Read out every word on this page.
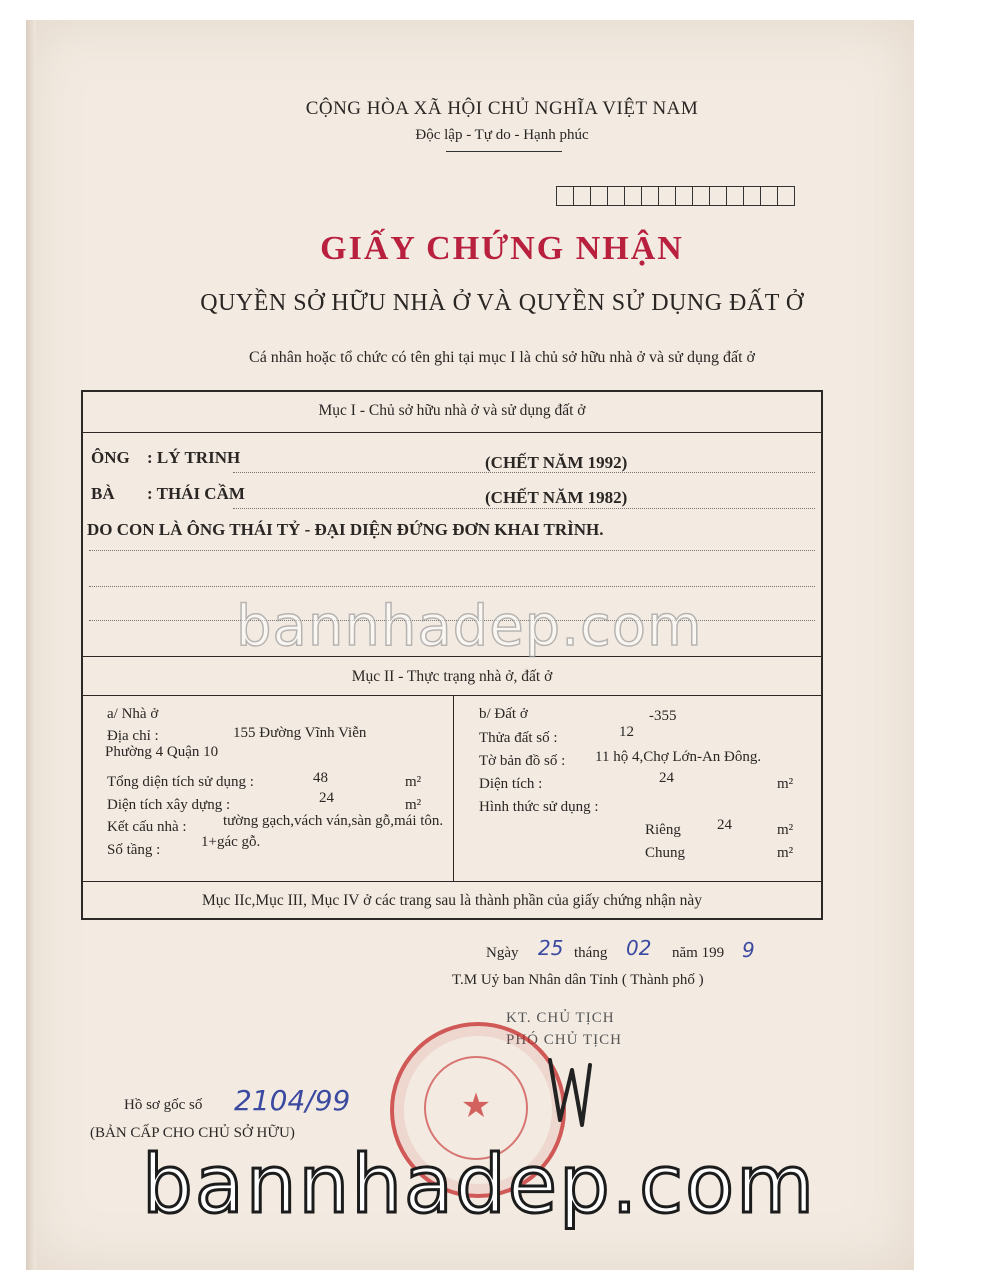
CỘNG HÒA XÃ HỘI CHỦ NGHĨA VIỆT NAM
Độc lập - Tự do - Hạnh phúc
GIẤY CHỨNG NHẬN
QUYỀN SỞ HỮU NHÀ Ở VÀ QUYỀN SỬ DỤNG ĐẤT Ở
Cá nhân hoặc tổ chức có tên ghi tại mục I là chủ sở hữu nhà ở và sử dụng đất ở
Mục I - Chủ sở hữu nhà ở và sử dụng đất ở
ÔNG : LÝ TRINH	(CHẾT NĂM 1992)
BÀ : THÁI CẦM	(CHẾT NĂM 1982)
DO CON LÀ ÔNG THÁI TỶ - ĐẠI DIỆN ĐỨNG ĐƠN KHAI TRÌNH.
Mục II - Thực trạng nhà ở, đất ở
a/ Nhà ở
Địa chỉ :	155 Đường Vĩnh Viễn
Phường 4 Quận 10
Tổng diện tích sử dụng :	48	m²
Diện tích xây dựng :	24	m²
Kết cấu nhà : tường gạch,vách ván,sàn gỗ,mái tôn.
Số tầng :	1+gác gỗ.
b/ Đất ở	-355
Thửa đất số :	12
Tờ bản đồ số : 11 hộ 4,Chợ Lớn-An Đông.
Diện tích :	24	m²
Hình thức sử dụng :
Riêng 24	m²
Chung	m²
Mục IIc,Mục III, Mục IV ở các trang sau là thành phần của giấy chứng nhận này
Ngày 25 tháng 02 năm 199 9
T.M Uỷ ban Nhân dân Tỉnh ( Thành phố )
KT. CHỦ TỊCH
PHÓ CHỦ TỊCH
★
Hồ sơ gốc số 2104/99
(BẢN CẤP CHO CHỦ SỞ HỮU)
bannhadep.com
bannhadep.com
